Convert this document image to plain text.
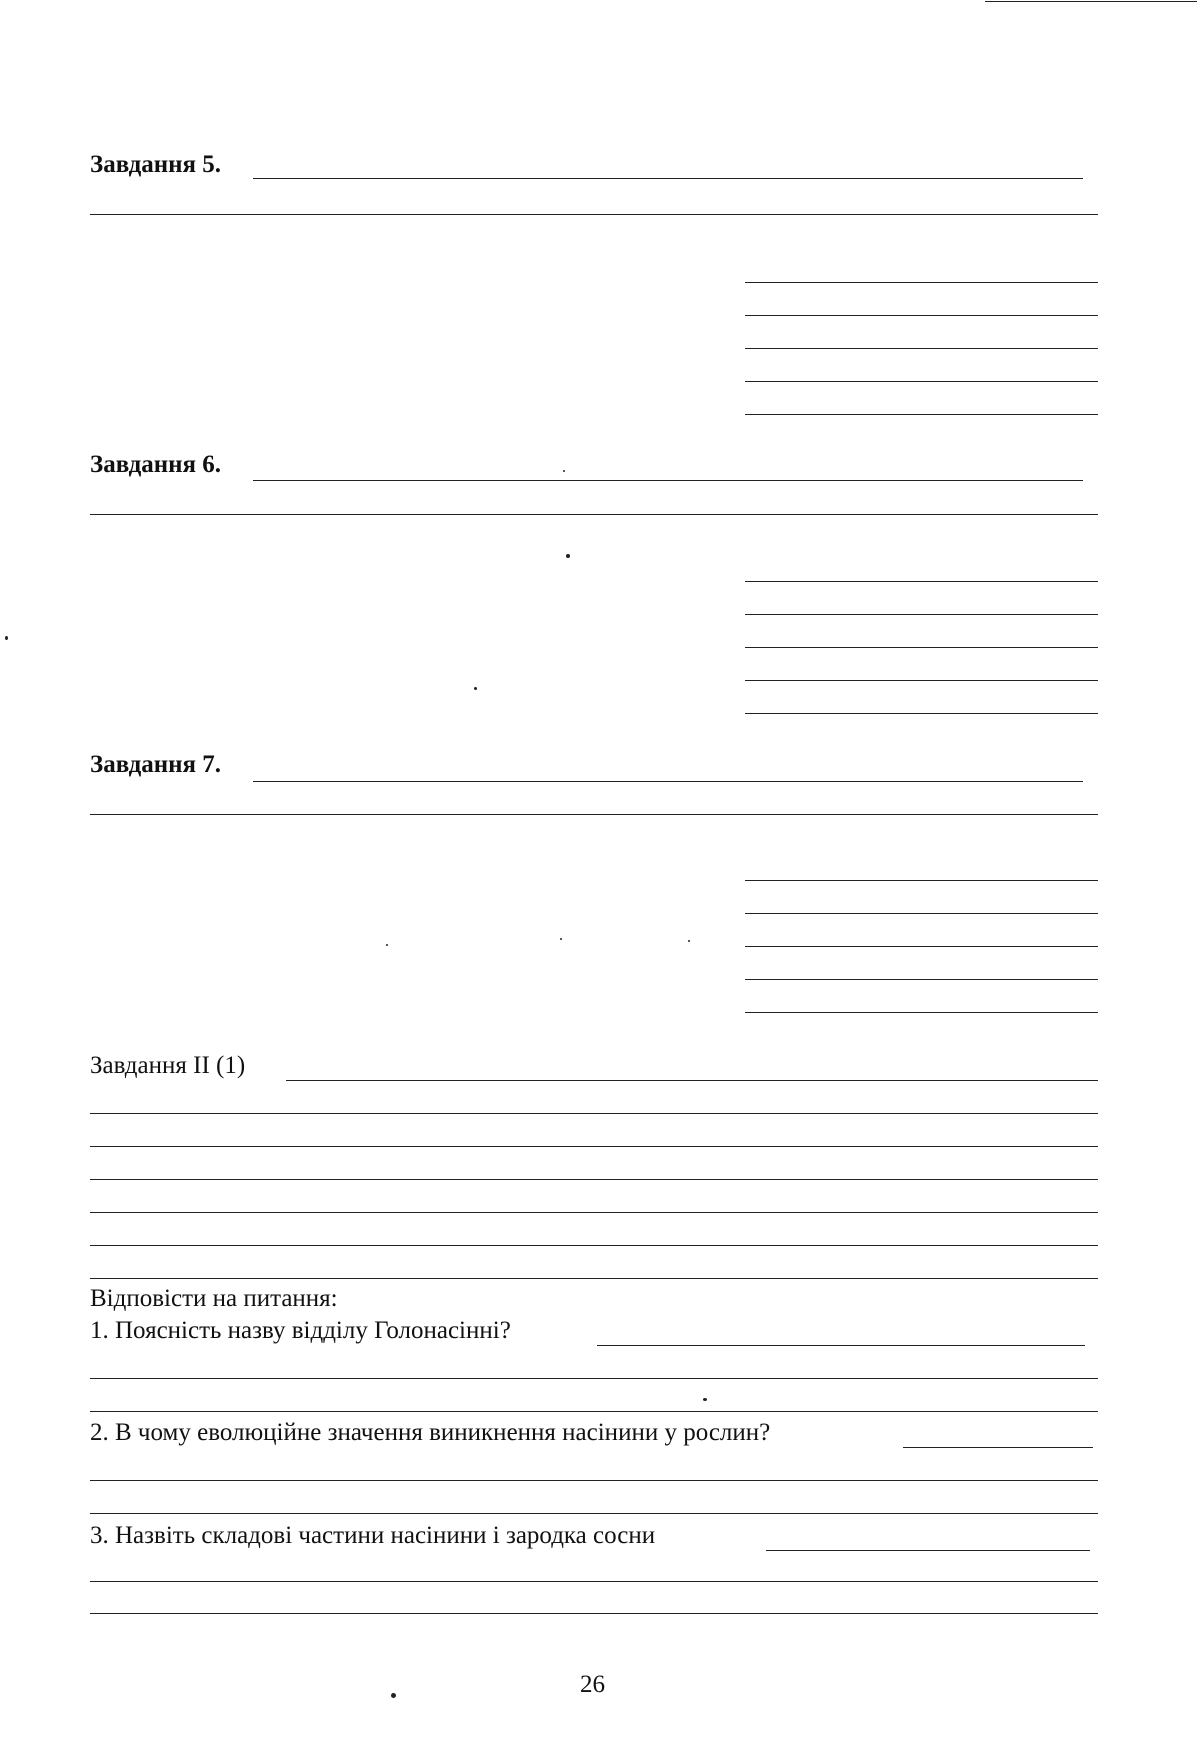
Завдання 5.
Завдання 6.
Завдання 7.
Завдання ІІ (1)
Відповісти на питання:
1. Поясність назву відділу Голонасінні?
2. В чому еволюційне значення виникнення насінини у рослин?
3. Назвіть складові частини насінини і зародка сосни
26
